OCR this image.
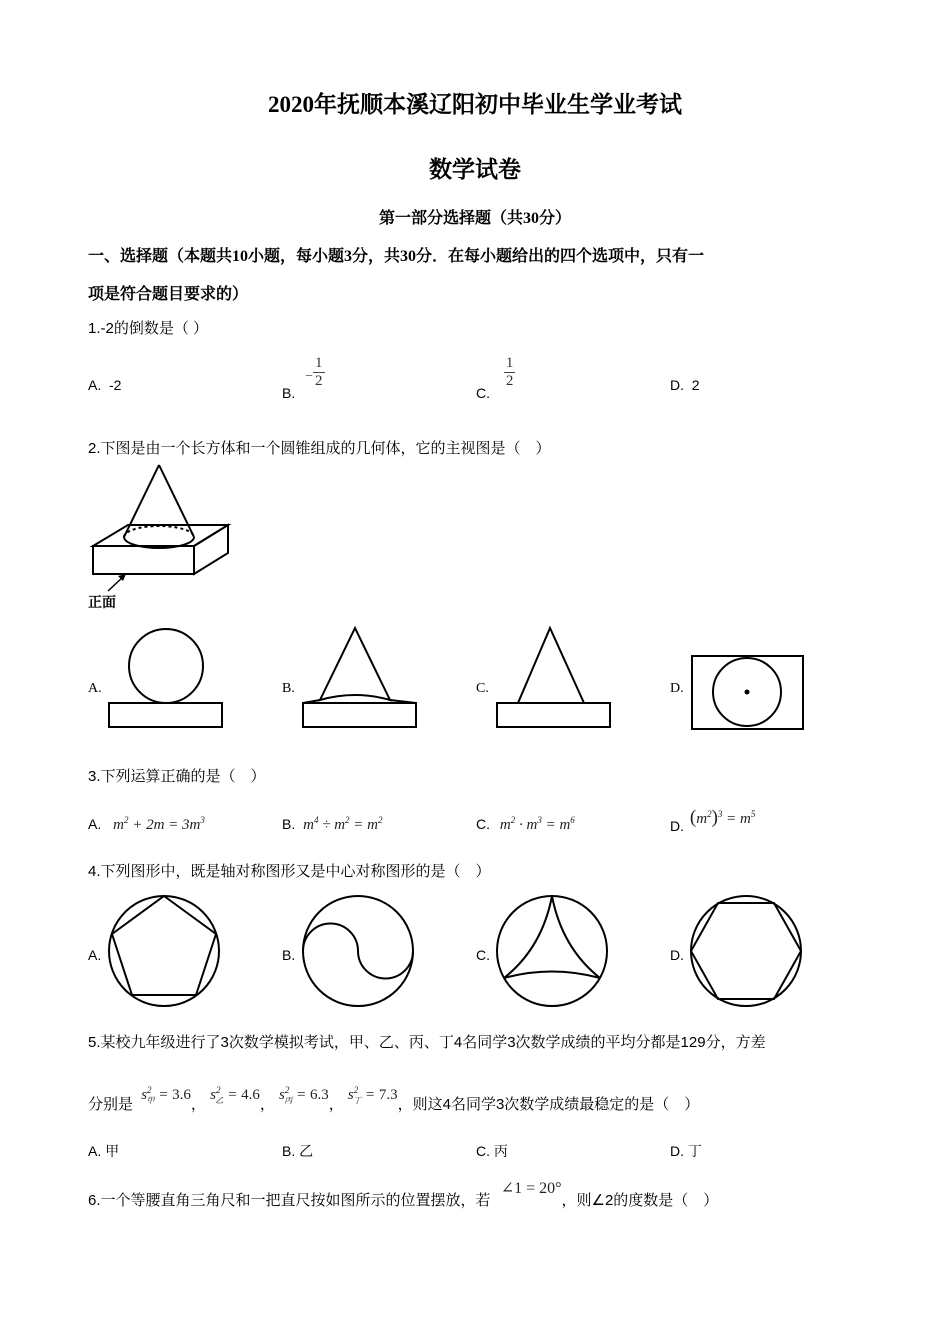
2020年抚顺本溪辽阳初中毕业生学业考试
数学试卷
第一部分选择题（共30分）
一、选择题（本题共10小题，每小题3分，共30分．在每小题给出的四个选项中，只有一
项是符合题目要求的）
1.-2的倒数是（ ）
A. -2
B. − $\frac{1}{2}$
C.
$\frac{1}{2}$	D. 2
2.下图是由一个长方体和一个圆锥组成的几何体，它的主视图是（　）
正面
A.	B.	C.	D.
3.下列运算正确的是（　）
A. $m^2 + 2m = 3m^3$	B. $m^4 \div m^2 = m^2$	C. $m^2 \cdot m^3 = m^6$	D. $(m^2)^3 = m^5$
4.下列图形中，既是轴对称图形又是中心对称图形的是（　）
A.	B.	C.	D.
5.某校九年级进行了3次数学模拟考试，甲、乙、丙、丁4名同学3次数学成绩的平均分都是129分，方差
分别是 $s^2_甲 = 3.6$， $s^2_乙 = 4.6$， $s^2_丙 = 6.3$， $s^2_丁 = 7.3$，则这4名同学3次数学成绩最稳定的是（　）
A. 甲	B. 乙	C. 丙	D. 丁
6.一个等腰直角三角尺和一把直尺按如图所示的位置摆放，若 ∠1 = 20°，则∠2的度数是（　）
